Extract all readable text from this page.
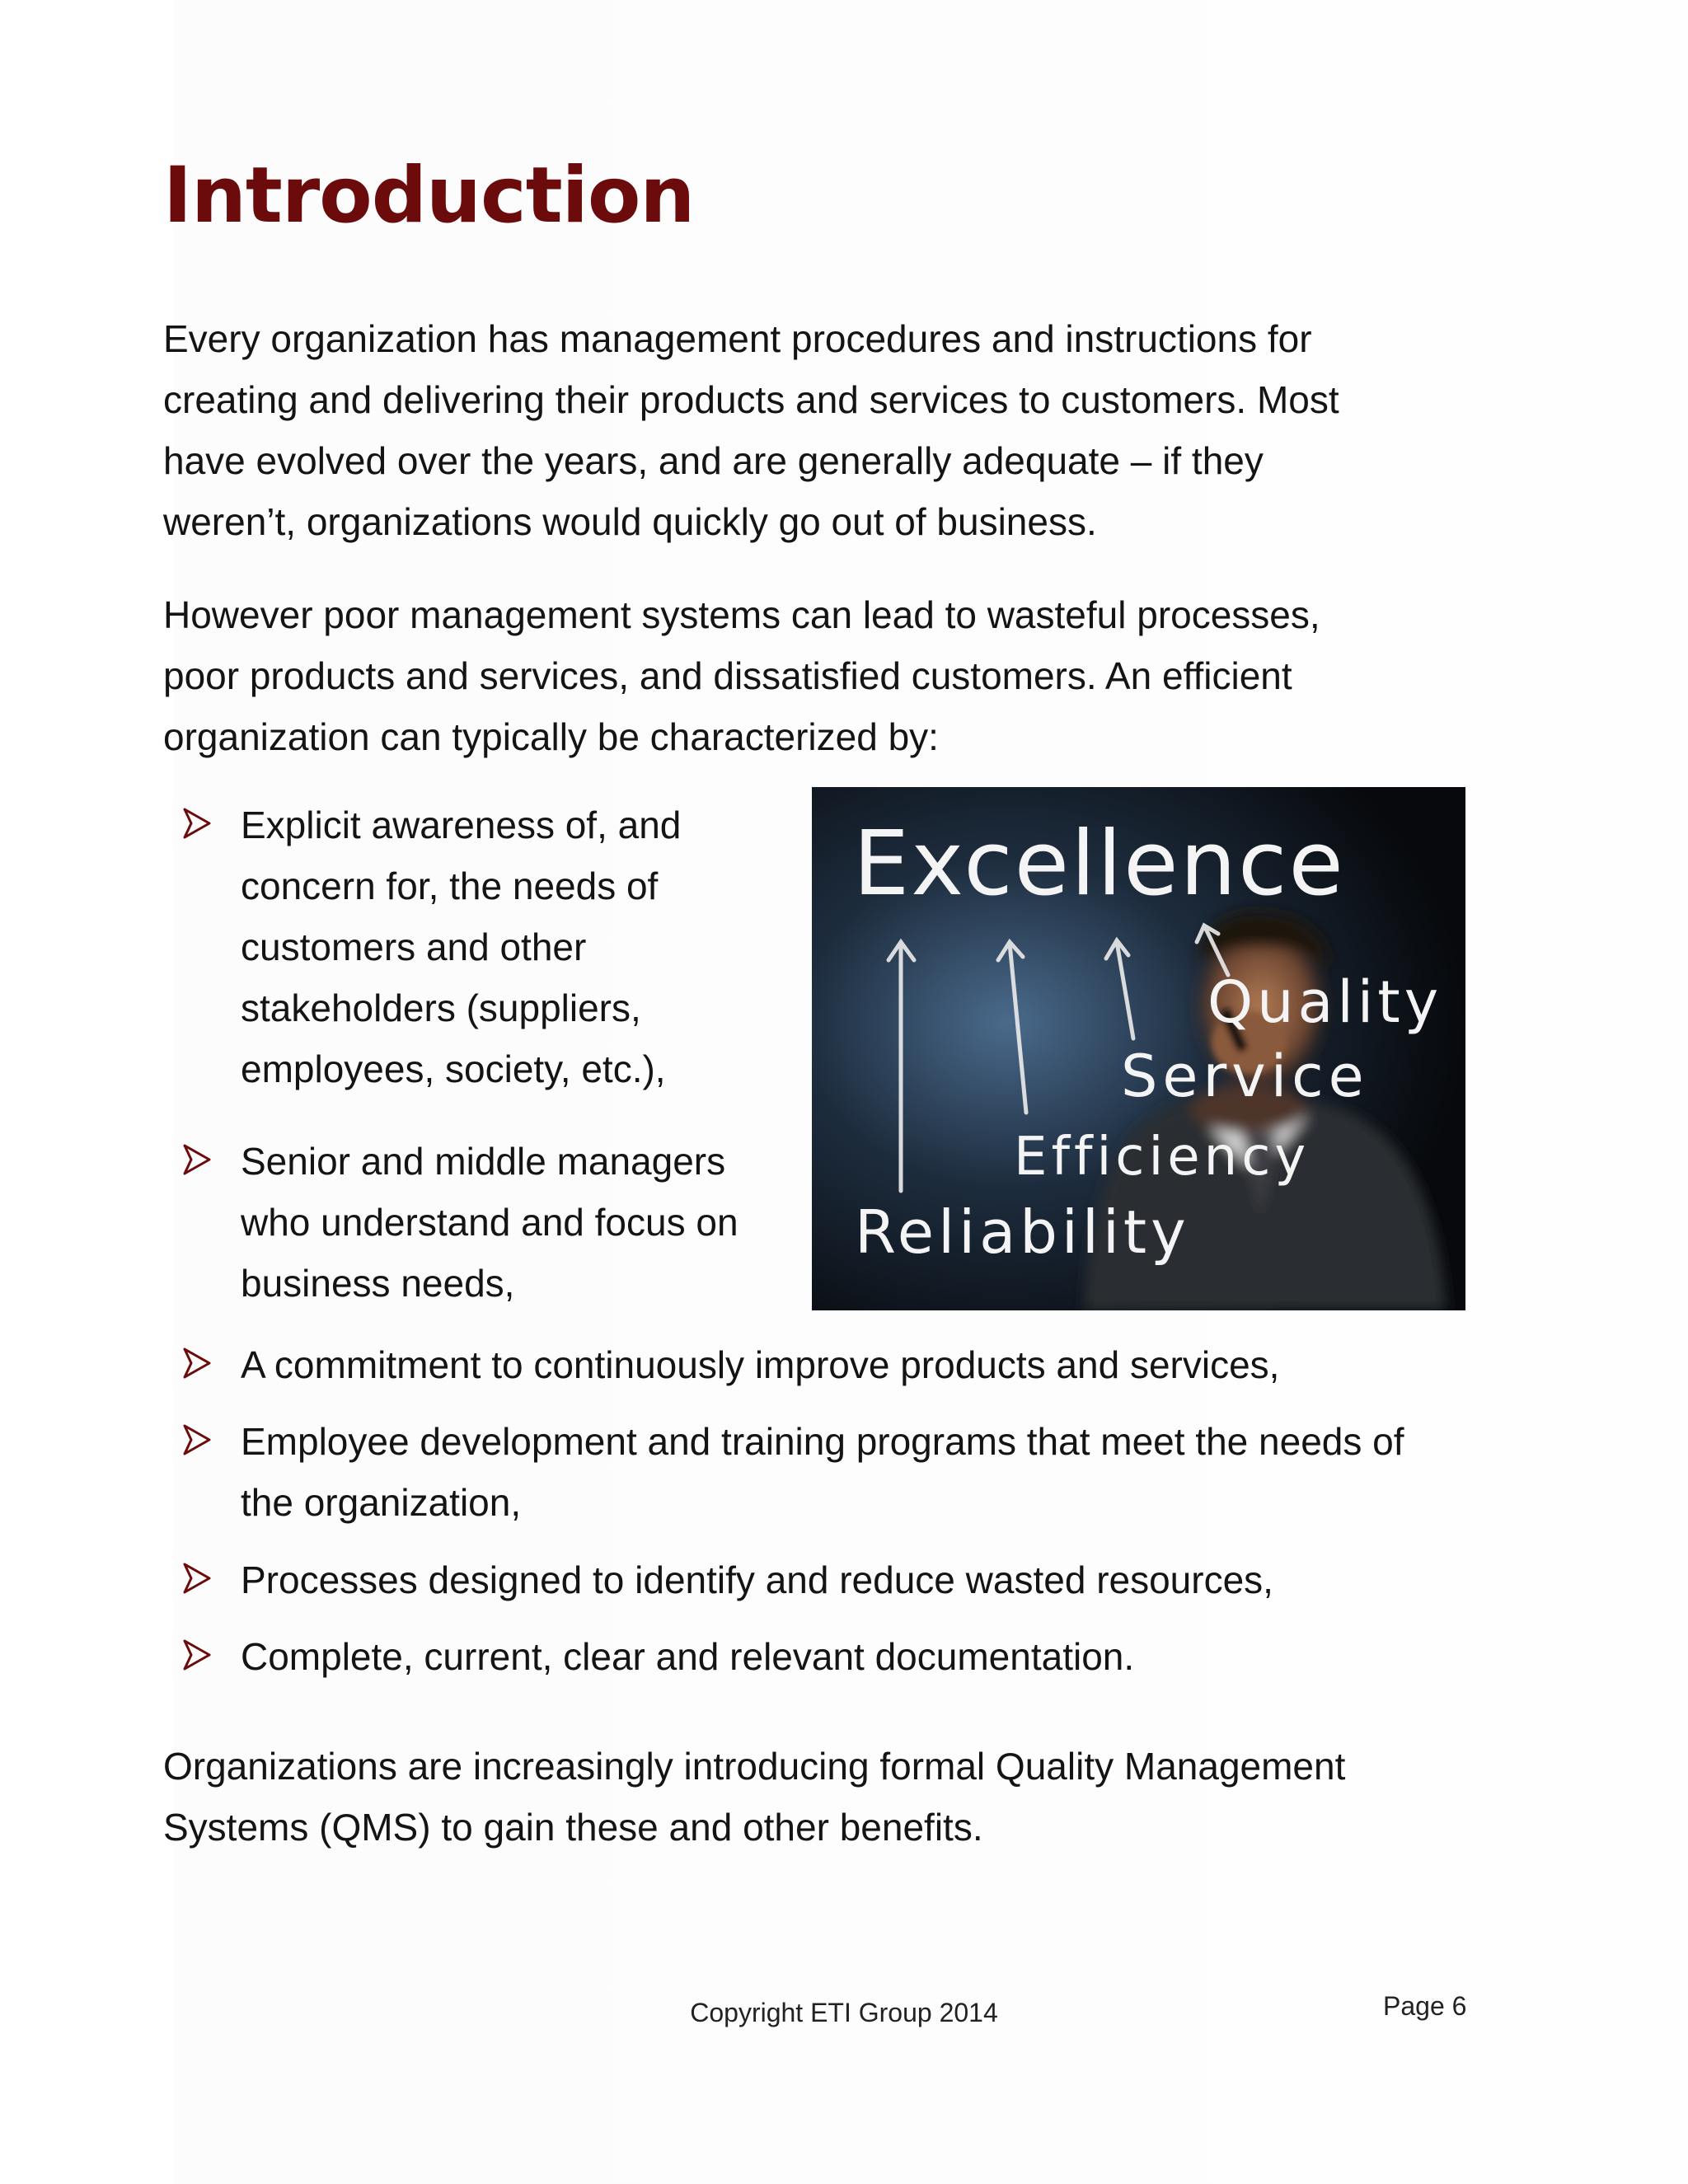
Introduction
Every organization has management procedures and instructions for
creating and delivering their products and services to customers. Most
have evolved over the years, and are generally adequate – if they
weren’t, organizations would quickly go out of business.
However poor management systems can lead to wasteful processes,
poor products and services, and dissatisfied customers. An efficient
organization can typically be characterized by:
Explicit awareness of, and
concern for, the needs of
customers and other
stakeholders (suppliers,
employees, society, etc.),
Senior and middle managers
who understand and focus on
business needs,
A commitment to continuously improve products and services,
Employee development and training programs that meet the needs of
the organization,
Processes designed to identify and reduce wasted resources,
Complete, current, clear and relevant documentation.
Excellence
Quality
Service
Efficiency
Reliability
Organizations are increasingly introducing formal Quality Management
Systems (QMS) to gain these and other benefits.
Copyright ETI Group 2014	Page 6
